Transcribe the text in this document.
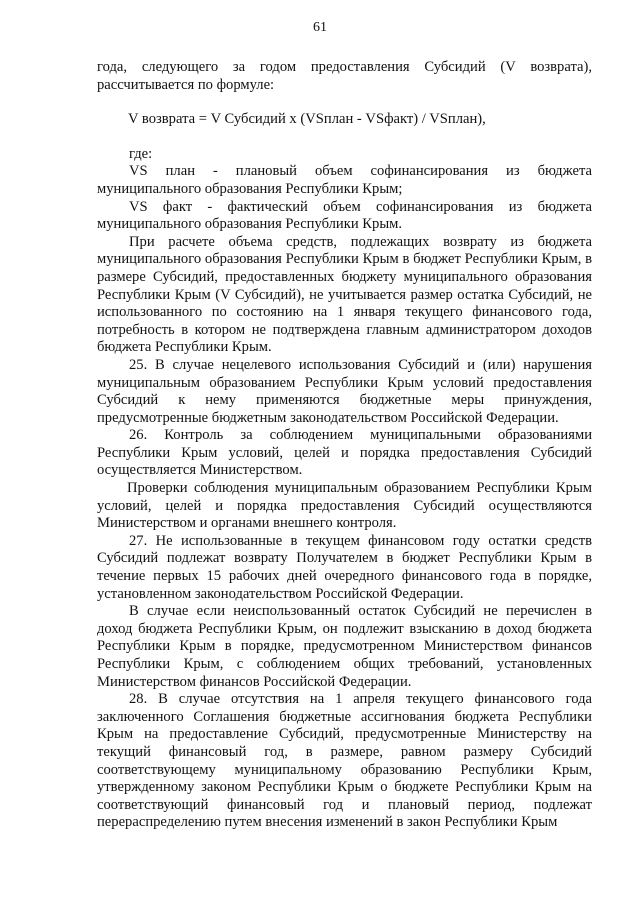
61

года, следующего за годом предоставления Субсидий (V возврата), рассчитывается по формуле:

V возврата = V Субсидий x (VSплан - VSфакт) / VSплан),

где:

VS план - плановый объем софинансирования из бюджета муниципального образования Республики Крым;

VS факт - фактический объем софинансирования из бюджета муниципального образования Республики Крым.

При расчете объема средств, подлежащих возврату из бюджета муниципального образования Республики Крым в бюджет Республики Крым, в размере Субсидий, предоставленных бюджету муниципального образования Республики Крым (V Субсидий), не учитывается размер остатка Субсидий, не использованного по состоянию на 1 января текущего финансового года, потребность в котором не подтверждена главным администратором доходов бюджета Республики Крым.

25. В случае нецелевого использования Субсидий и (или) нарушения муниципальным образованием Республики Крым условий предоставления Субсидий к нему применяются бюджетные меры принуждения, предусмотренные бюджетным законодательством Российской Федерации.

26. Контроль за соблюдением муниципальными образованиями Республики Крым условий, целей и порядка предоставления Субсидий осуществляется Министерством.

Проверки соблюдения муниципальным образованием Республики Крым условий, целей и порядка предоставления Субсидий осуществляются Министерством и органами внешнего контроля.

27. Не использованные в текущем финансовом году остатки средств Субсидий подлежат возврату Получателем в бюджет Республики Крым в течение первых 15 рабочих дней очередного финансового года в порядке, установленном законодательством Российской Федерации.

В случае если неиспользованный остаток Субсидий не перечислен в доход бюджета Республики Крым, он подлежит взысканию в доход бюджета Республики Крым в порядке, предусмотренном Министерством финансов Республики Крым, с соблюдением общих требований, установленных Министерством финансов Российской Федерации.

28. В случае отсутствия на 1 апреля текущего финансового года заключенного Соглашения бюджетные ассигнования бюджета Республики Крым на предоставление Субсидий, предусмотренные Министерству на текущий финансовый год, в размере, равном размеру Субсидий соответствующему муниципальному образованию Республики Крым, утвержденному законом Республики Крым о бюджете Республики Крым на соответствующий финансовый год и плановый период, подлежат перераспределению путем внесения изменений в закон Республики Крым
